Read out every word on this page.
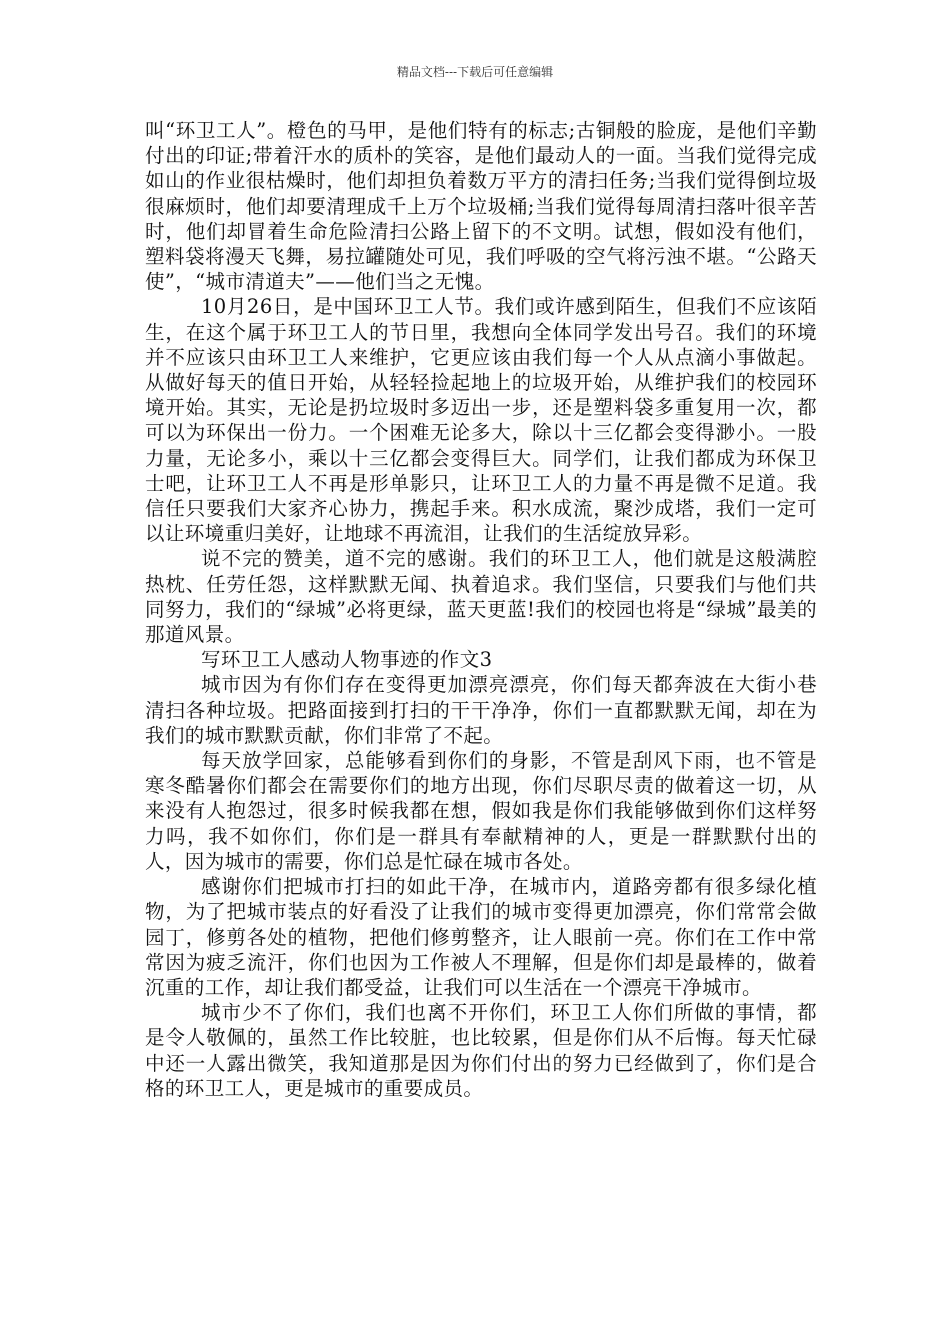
精品文档---下载后可任意编辑

叫“环卫工人”。橙色的马甲，是他们特有的标志;古铜般的脸庞，是他们辛勤付出的印证;带着汗水的质朴的笑容，是他们最动人的一面。当我们觉得完成如山的作业很枯燥时，他们却担负着数万平方的清扫任务;当我们觉得倒垃圾很麻烦时，他们却要清理成千上万个垃圾桶;当我们觉得每周清扫落叶很辛苦时，他们却冒着生命危险清扫公路上留下的不文明。试想，假如没有他们，塑料袋将漫天飞舞，易拉罐随处可见，我们呼吸的空气将污浊不堪。“公路天使”，“城市清道夫”——他们当之无愧。

10月26日，是中国环卫工人节。我们或许感到陌生，但我们不应该陌生，在这个属于环卫工人的节日里，我想向全体同学发出号召。我们的环境并不应该只由环卫工人来维护，它更应该由我们每一个人从点滴小事做起。从做好每天的值日开始，从轻轻捡起地上的垃圾开始，从维护我们的校园环境开始。其实，无论是扔垃圾时多迈出一步，还是塑料袋多重复用一次，都可以为环保出一份力。一个困难无论多大，除以十三亿都会变得渺小。一股力量，无论多小，乘以十三亿都会变得巨大。同学们，让我们都成为环保卫士吧，让环卫工人不再是形单影只，让环卫工人的力量不再是微不足道。我信任只要我们大家齐心协力，携起手来。积水成流，聚沙成塔，我们一定可以让环境重归美好，让地球不再流泪，让我们的生活绽放异彩。

说不完的赞美，道不完的感谢。我们的环卫工人，他们就是这般满腔热枕、任劳任怨，这样默默无闻、执着追求。我们坚信，只要我们与他们共同努力，我们的“绿城”必将更绿，蓝天更蓝!我们的校园也将是“绿城”最美的那道风景。

写环卫工人感动人物事迹的作文3

城市因为有你们存在变得更加漂亮漂亮，你们每天都奔波在大街小巷清扫各种垃圾。把路面接到打扫的干干净净，你们一直都默默无闻，却在为我们的城市默默贡献，你们非常了不起。

每天放学回家，总能够看到你们的身影，不管是刮风下雨，也不管是寒冬酷暑你们都会在需要你们的地方出现，你们尽职尽责的做着这一切，从来没有人抱怨过，很多时候我都在想，假如我是你们我能够做到你们这样努力吗，我不如你们，你们是一群具有奉献精神的人，更是一群默默付出的人，因为城市的需要，你们总是忙碌在城市各处。

感谢你们把城市打扫的如此干净，在城市内，道路旁都有很多绿化植物，为了把城市装点的好看没了让我们的城市变得更加漂亮，你们常常会做园丁，修剪各处的植物，把他们修剪整齐，让人眼前一亮。你们在工作中常常因为疲乏流汗，你们也因为工作被人不理解，但是你们却是最棒的，做着沉重的工作，却让我们都受益，让我们可以生活在一个漂亮干净城市。

城市少不了你们，我们也离不开你们，环卫工人你们所做的事情，都是令人敬佩的，虽然工作比较脏，也比较累，但是你们从不后悔。每天忙碌中还一人露出微笑，我知道那是因为你们付出的努力已经做到了，你们是合格的环卫工人，更是城市的重要成员。
